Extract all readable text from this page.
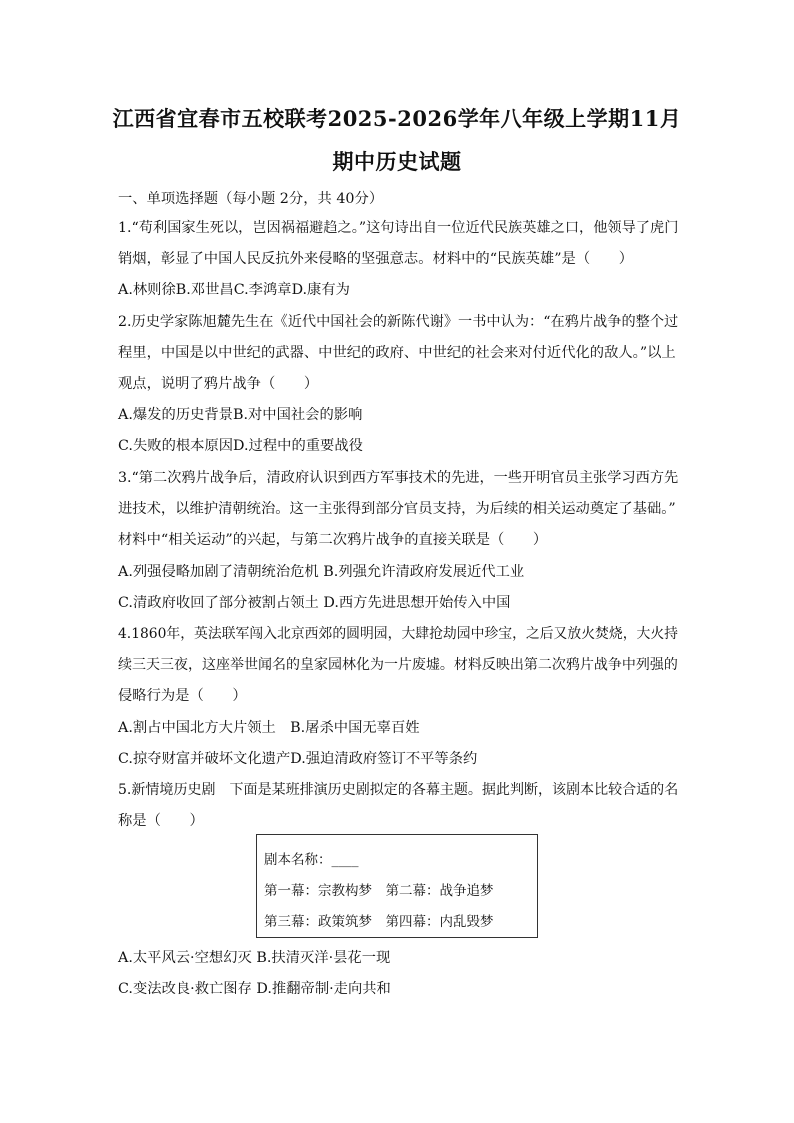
江西省宜春市五校联考2025-2026学年八年级上学期11月
期中历史试题
一、单项选择题（每小题 2分，共 40分）
1.“苟利国家生死以，岂因祸福避趋之。”这句诗出自一位近代民族英雄之口，他领导了虎门
销烟，彰显了中国人民反抗外来侵略的坚强意志。材料中的“民族英雄”是（　　）
A.林则徐B.邓世昌C.李鸿章D.康有为
2.历史学家陈旭麓先生在《近代中国社会的新陈代谢》一书中认为：“在鸦片战争的整个过
程里，中国是以中世纪的武器、中世纪的政府、中世纪的社会来对付近代化的敌人。”以上
观点，说明了鸦片战争（　　）
A.爆发的历史背景B.对中国社会的影响
C.失败的根本原因D.过程中的重要战役
3.“第二次鸦片战争后，清政府认识到西方军事技术的先进，一些开明官员主张学习西方先
进技术，以维护清朝统治。这一主张得到部分官员支持，为后续的相关运动奠定了基础。”
材料中“相关运动”的兴起，与第二次鸦片战争的直接关联是（　　）
A.列强侵略加剧了清朝统治危机 B.列强允许清政府发展近代工业
C.清政府收回了部分被割占领土 D.西方先进思想开始传入中国
4.1860年，英法联军闯入北京西郊的圆明园，大肆抢劫园中珍宝，之后又放火焚烧，大火持
续三天三夜，这座举世闻名的皇家园林化为一片废墟。材料反映出第二次鸦片战争中列强的
侵略行为是（　　）
A.割占中国北方大片领土　B.屠杀中国无辜百姓
C.掠夺财富并破坏文化遗产D.强迫清政府签订不平等条约
5.新情境历史剧　下面是某班排演历史剧拟定的各幕主题。据此判断，该剧本比较合适的名
称是（　　）
剧本名称：____
第一幕：宗教构梦　第二幕：战争追梦
第三幕：政策筑梦　第四幕：内乱毁梦
A.太平风云·空想幻灭 B.扶清灭洋·昙花一现
C.变法改良·救亡图存 D.推翻帝制·走向共和
